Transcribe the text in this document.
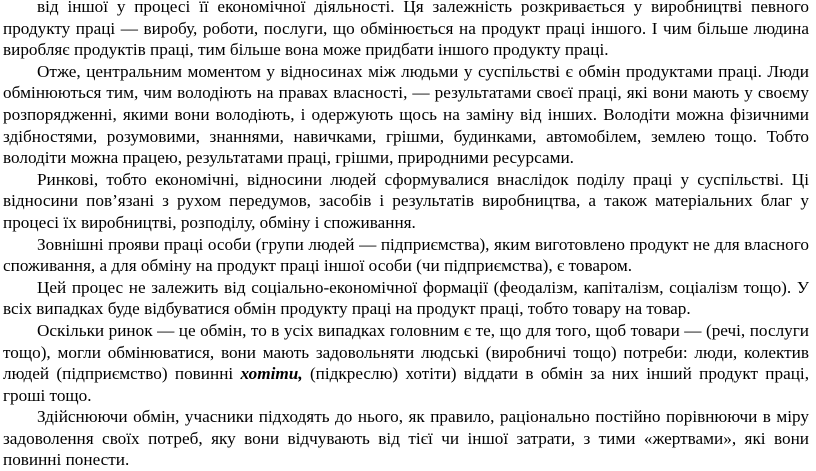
від іншої у процесі її економічної діяльності. Ця залежність розкривається у виробництві певного продукту праці — виробу, роботи, послуги, що обмінюється на продукт праці іншого. І чим більше людина виробляє продуктів праці, тим більше вона може придбати іншого продукту праці.

Отже, центральним моментом у відносинах між людьми у суспільстві є обмін продуктами праці. Люди обмінюються тим, чим володіють на правах власності, — результатами своєї праці, які вони мають у своєму розпорядженні, якими вони володіють, і одержують щось на заміну від інших. Володіти можна фізичними здібностями, розумовими, знаннями, навичками, грішми, будинками, автомобілем, землею тощо. Тобто володіти можна працею, результатами праці, грішми, природними ресурсами.

Ринкові, тобто економічні, відносини людей сформувалися внаслідок поділу праці у суспільстві. Ці відносини пов’язані з рухом передумов, засобів і результатів виробництва, а також матеріальних благ у процесі їх виробництві, розподілу, обміну і споживання.

Зовнішні прояви праці особи (групи людей — підприємства), яким виготовлено продукт не для власного споживання, а для обміну на продукт праці іншої особи (чи підприємства), є товаром.

Цей процес не залежить від соціально-економічної формації (феодалізм, капіталізм, соціалізм тощо). У всіх випадках буде відбуватися обмін продукту праці на продукт праці, тобто товару на товар.

Оскільки ринок — це обмін, то в усіх випадках головним є те, що для того, щоб товари — (речі, послуги тощо), могли обмінюватися, вони мають задовольняти людські (виробничі тощо) потреби: люди, колектив людей (підприємство) повинні хотіти, (підкреслю) хотіти) віддати в обмін за них інший продукт праці, гроші тощо.

Здійснюючи обмін, учасники підходять до нього, як правило, раціонально постійно порівнюючи в міру задоволення своїх потреб, яку вони відчувають від тієї чи іншої затрати, з тими «жертвами», які вони повинні понести.
